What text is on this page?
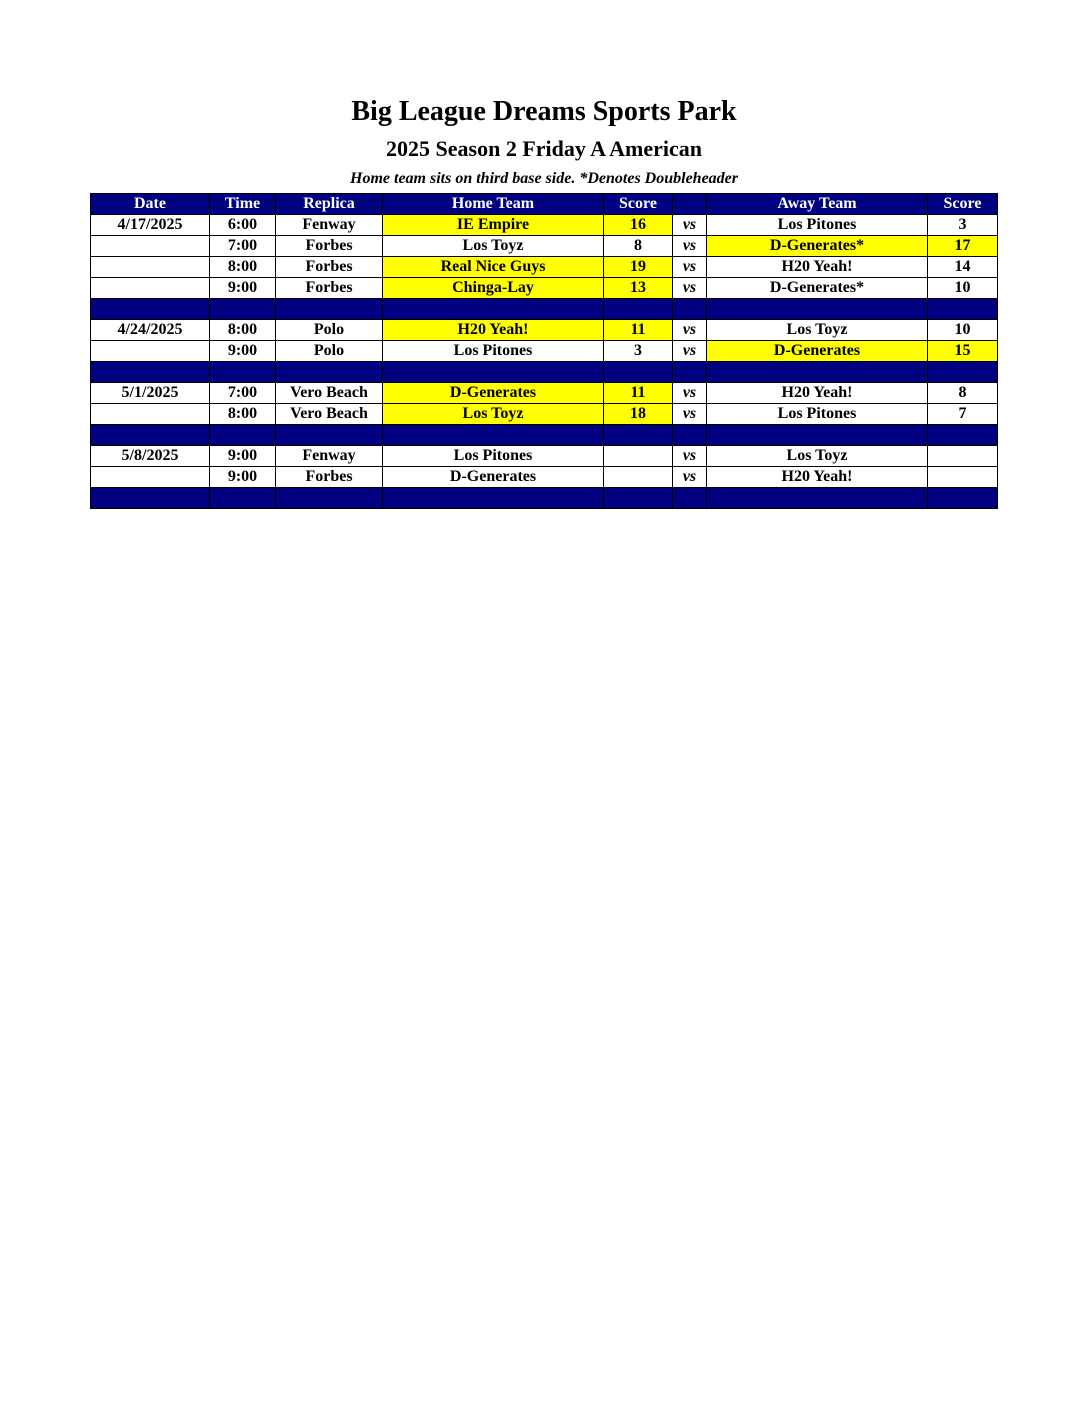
Big League Dreams Sports Park
2025 Season 2 Friday A American
Home team sits on third base side. *Denotes Doubleheader
Date	Time	Replica	Home Team	Score		Away Team	Score
4/17/2025	6:00	Fenway	IE Empire	16	vs	Los Pitones	3
	7:00	Forbes	Los Toyz	8	vs	D-Generates*	17
	8:00	Forbes	Real Nice Guys	19	vs	H20 Yeah!	14
	9:00	Forbes	Chinga-Lay	13	vs	D-Generates*	10

4/24/2025	8:00	Polo	H20 Yeah!	11	vs	Los Toyz	10
	9:00	Polo	Los Pitones	3	vs	D-Generates	15

5/1/2025	7:00	Vero Beach	D-Generates	11	vs	H20 Yeah!	8
	8:00	Vero Beach	Los Toyz	18	vs	Los Pitones	7

5/8/2025	9:00	Fenway	Los Pitones		vs	Los Toyz	
	9:00	Forbes	D-Generates		vs	H20 Yeah!	
